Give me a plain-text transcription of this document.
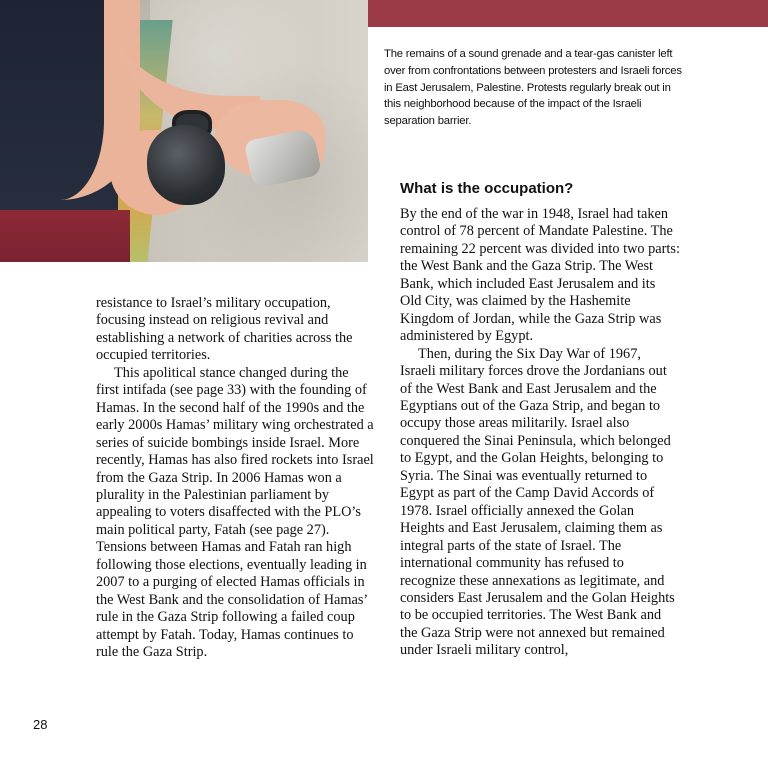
The remains of a sound grenade and a tear-gas canister left over from confrontations between protesters and Israeli forces in East Jerusalem, Palestine. Protests regularly break out in this neighborhood because of the impact of the Israeli separation barrier.
What is the occupation?

resistance to Israel’s military occupation, focusing instead on religious revival and establishing a network of charities across the occupied territories.

This apolitical stance changed during the first intifada (see page 33) with the founding of Hamas. In the second half of the 1990s and the early 2000s Hamas’ military wing orchestrated a series of suicide bombings inside Israel. More recently, Hamas has also fired rockets into Israel from the Gaza Strip. In 2006 Hamas won a plurality in the Palestinian parliament by appealing to voters disaffected with the PLO’s main political party, Fatah (see page 27). Tensions between Hamas and Fatah ran high following those elections, eventually leading in 2007 to a purging of elected Hamas officials in the West Bank and the consolidation of Hamas’ rule in the Gaza Strip following a failed coup attempt by Fatah. Today, Hamas continues to rule the Gaza Strip.

By the end of the war in 1948, Israel had taken control of 78 percent of Mandate Palestine. The remaining 22 percent was divided into two parts: the West Bank and the Gaza Strip. The West Bank, which included East Jerusalem and its Old City, was claimed by the Hashemite Kingdom of Jordan, while the Gaza Strip was administered by Egypt.

Then, during the Six Day War of 1967, Israeli military forces drove the Jordanians out of the West Bank and East Jerusalem and the Egyptians out of the Gaza Strip, and began to occupy those areas militarily. Israel also conquered the Sinai Peninsula, which belonged to Egypt, and the Golan Heights, belonging to Syria. The Sinai was eventually returned to Egypt as part of the Camp David Accords of 1978. Israel officially annexed the Golan Heights and East Jerusalem, claiming them as integral parts of the state of Israel. The international community has refused to recognize these annexations as legitimate, and considers East Jerusalem and the Golan Heights to be occupied territories. The West Bank and the Gaza Strip were not annexed but remained under Israeli military control,

28
